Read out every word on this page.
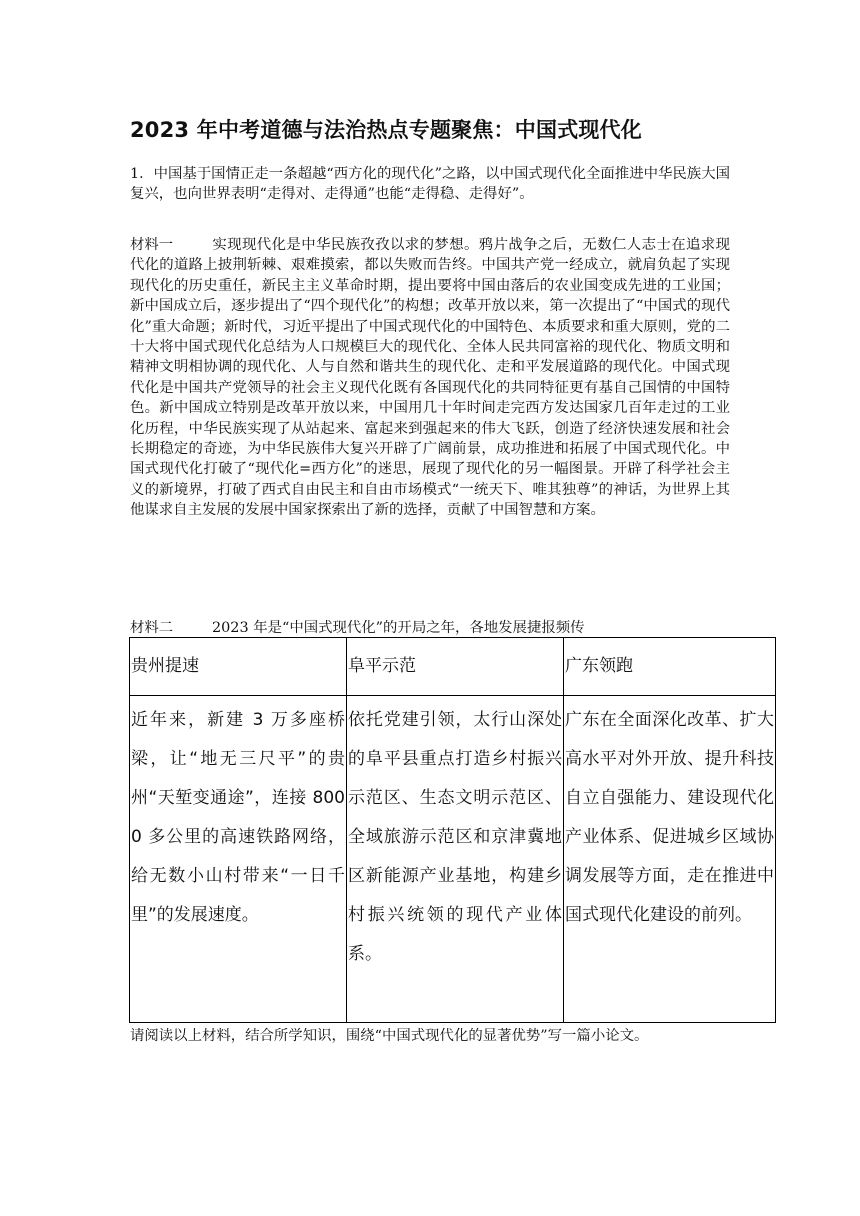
2023 年中考道德与法治热点专题聚焦：中国式现代化
1．中国基于国情正走一条超越“西方化的现代化”之路，以中国式现代化全面推进中华民族大国复兴，也向世界表明“走得对、走得通”也能“走得稳、走得好”。
材料一	实现现代化是中华民族孜孜以求的梦想。鸦片战争之后，无数仁人志士在追求现代化的道路上披荆斩棘、艰难摸索，都以失败而告终。中国共产党一经成立，就肩负起了实现现代化的历史重任，新民主主义革命时期，提出要将中国由落后的农业国变成先进的工业国；新中国成立后，逐步提出了“四个现代化”的构想；改革开放以来，第一次提出了“中国式的现代化”重大命题；新时代，习近平提出了中国式现代化的中国特色、本质要求和重大原则，党的二十大将中国式现代化总结为人口规模巨大的现代化、全体人民共同富裕的现代化、物质文明和精神文明相协调的现代化、人与自然和谐共生的现代化、走和平发展道路的现代化。中国式现代化是中国共产党领导的社会主义现代化既有各国现代化的共同特征更有基自己国情的中国特色。新中国成立特别是改革开放以来，中国用几十年时间走完西方发达国家几百年走过的工业化历程，中华民族实现了从站起来、富起来到强起来的伟大飞跃，创造了经济快速发展和社会长期稳定的奇迹，为中华民族伟大复兴开辟了广阔前景，成功推进和拓展了中国式现代化。中国式现代化打破了“现代化=西方化”的迷思，展现了现代化的另一幅图景。开辟了科学社会主义的新境界，打破了西式自由民主和自由市场模式“一统天下、唯其独尊”的神话，为世界上其他谋求自主发展的发展中国家探索出了新的选择，贡献了中国智慧和方案。
材料二	2023 年是“中国式现代化”的开局之年，各地发展捷报频传
贵州提速	阜平示范	广东领跑
近年来，新建 3 万多座桥梁，让“地无三尺平”的贵州“天堑变通途”，连接 8000 多公里的高速铁路网络，给无数小山村带来“一日千里”的发展速度。	依托党建引领，太行山深处的阜平县重点打造乡村振兴示范区、生态文明示范区、全域旅游示范区和京津冀地区新能源产业基地，构建乡村振兴统领的现代产业体系。	广东在全面深化改革、扩大高水平对外开放、提升科技自立自强能力、建设现代化产业体系、促进城乡区域协调发展等方面，走在推进中国式现代化建设的前列。
请阅读以上材料，结合所学知识，围绕“中国式现代化的显著优势”写一篇小论文。
